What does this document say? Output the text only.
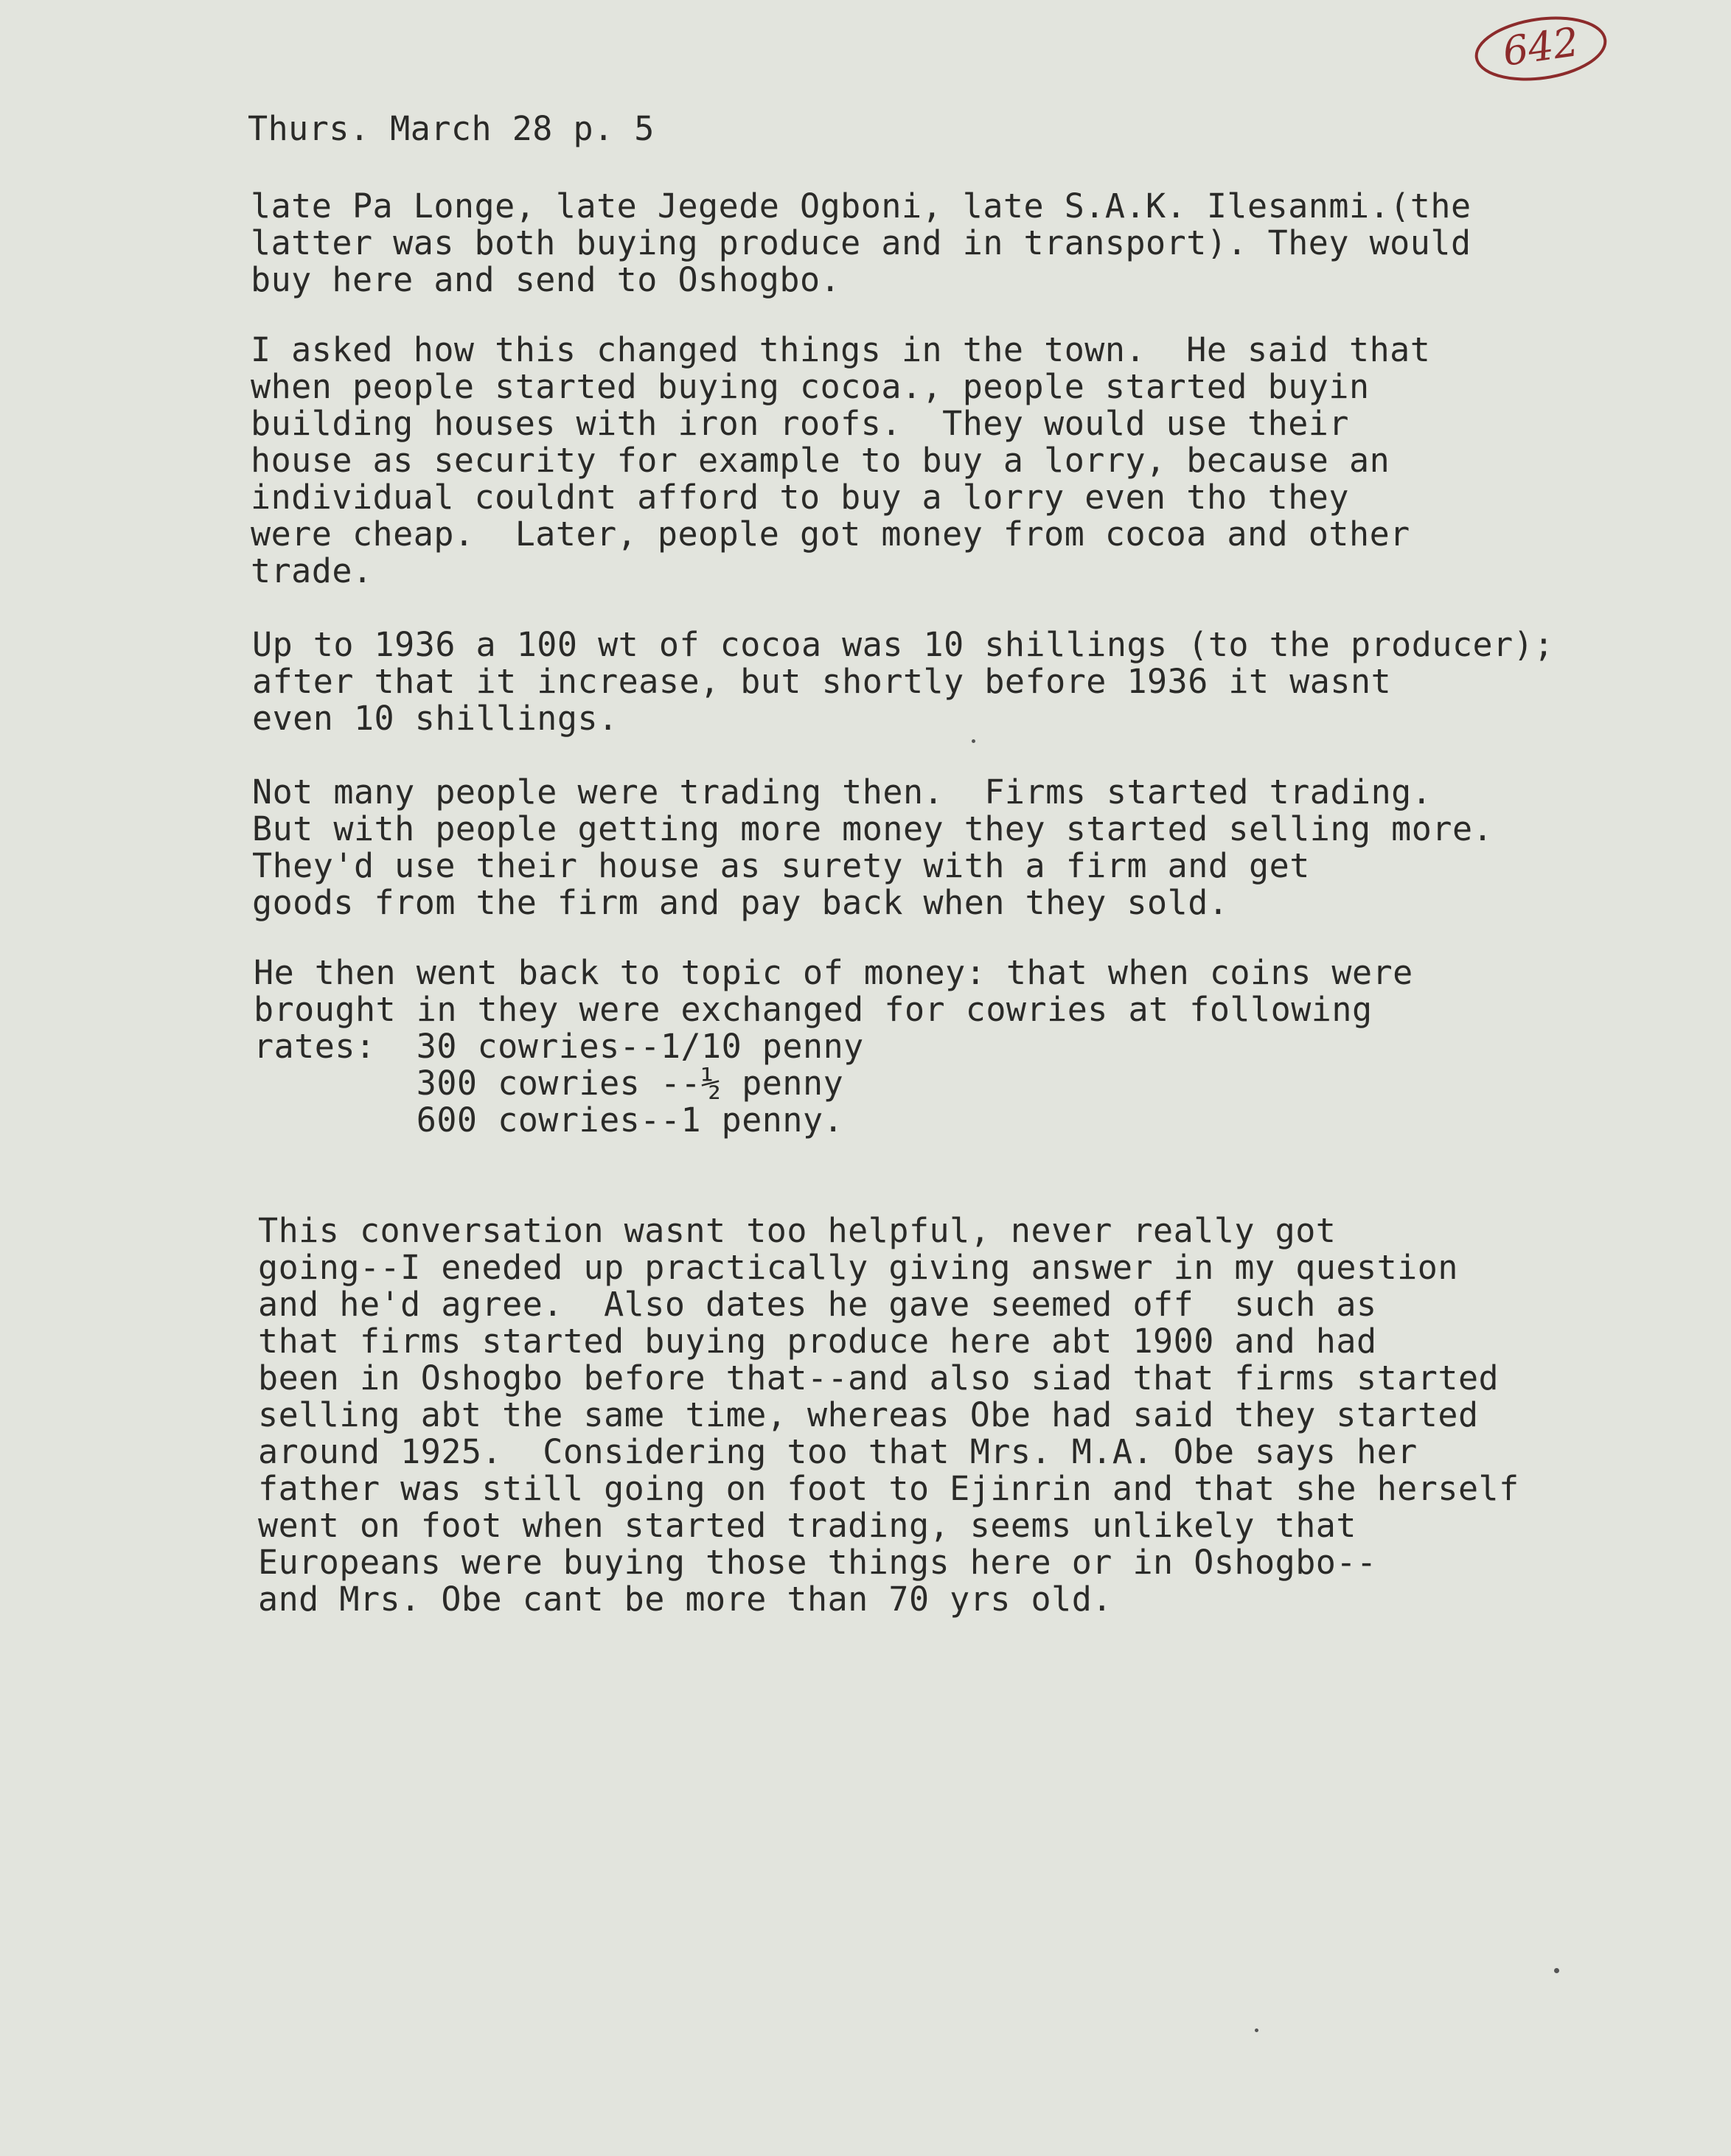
642
Thurs. March 28 p. 5
late Pa Longe, late Jegede Ogboni, late S.A.K. Ilesanmi.(the
latter was both buying produce and in transport). They would
buy here and send to Oshogbo.
I asked how this changed things in the town.  He said that
when people started buying cocoa., people started buyin
building houses with iron roofs.  They would use their
house as security for example to buy a lorry, because an
individual couldnt afford to buy a lorry even tho they
were cheap.  Later, people got money from cocoa and other
trade.
Up to 1936 a 100 wt of cocoa was 10 shillings (to the producer);
after that it increase, but shortly before 1936 it wasnt
even 10 shillings.
Not many people were trading then.  Firms started trading.
But with people getting more money they started selling more.
They'd use their house as surety with a firm and get
goods from the firm and pay back when they sold.
He then went back to topic of money: that when coins were
brought in they were exchanged for cowries at following
rates:  30 cowries--1/10 penny
300 cowries --½ penny
600 cowries--1 penny.
This conversation wasnt too helpful, never really got
going--I eneded up practically giving answer in my question
and he'd agree.  Also dates he gave seemed off  such as
that firms started buying produce here abt 1900 and had
been in Oshogbo before that--and also siad that firms started
selling abt the same time, whereas Obe had said they started
around 1925.  Considering too that Mrs. M.A. Obe says her
father was still going on foot to Ejinrin and that she herself
went on foot when started trading, seems unlikely that
Europeans were buying those things here or in Oshogbo--
and Mrs. Obe cant be more than 70 yrs old.
